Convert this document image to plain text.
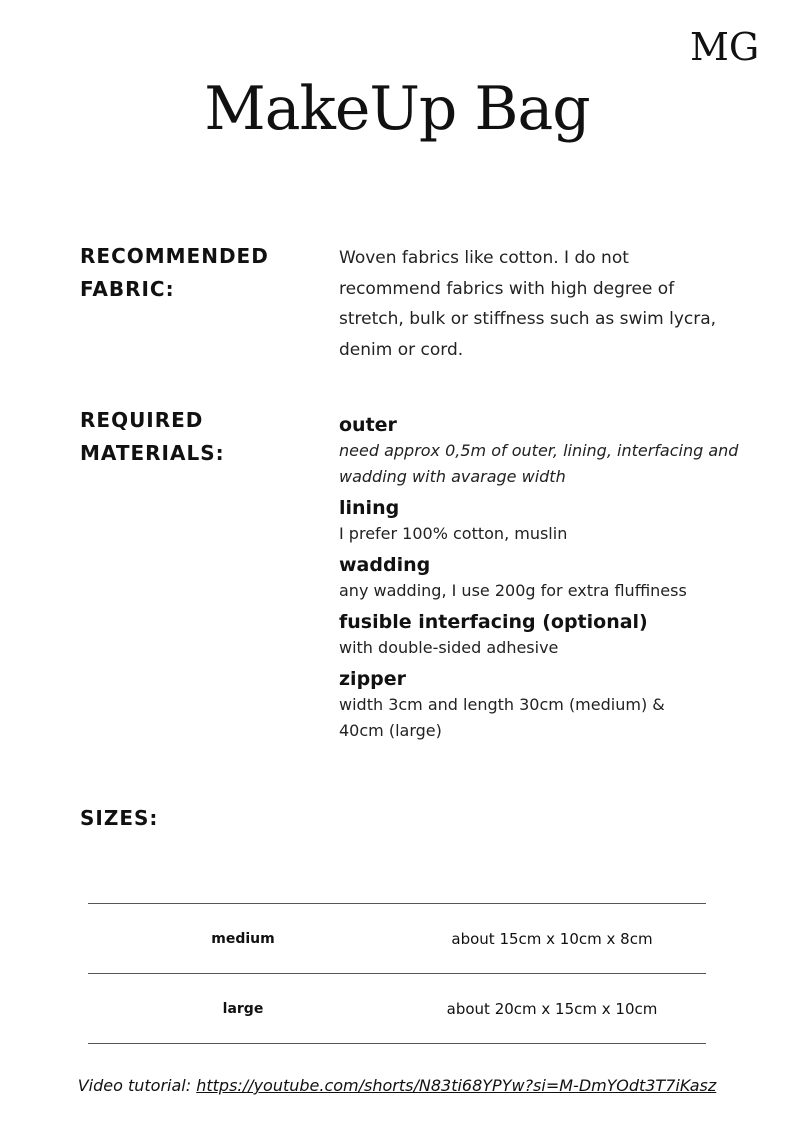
MG
MakeUp Bag
RECOMMENDED
FABRIC:
Woven fabrics like cotton. I do not
recommend fabrics with high degree of
stretch, bulk or stiffness such as swim lycra,
denim or cord.
REQUIRED
MATERIALS:
outer
need approx 0,5m of outer, lining, interfacing and
wadding with avarage width
lining
I prefer 100% cotton, muslin
wadding
any wadding, I use 200g for extra fluffiness
fusible interfacing (optional)
with double-sided adhesive
zipper
width 3cm and length 30cm (medium) &
40cm (large)
SIZES:
medium	about 15cm x 10cm x 8cm
large	about 20cm x 15cm x 10cm
Video tutorial: https://youtube.com/shorts/N83ti68YPYw?si=M-DmYOdt3T7iKasz
